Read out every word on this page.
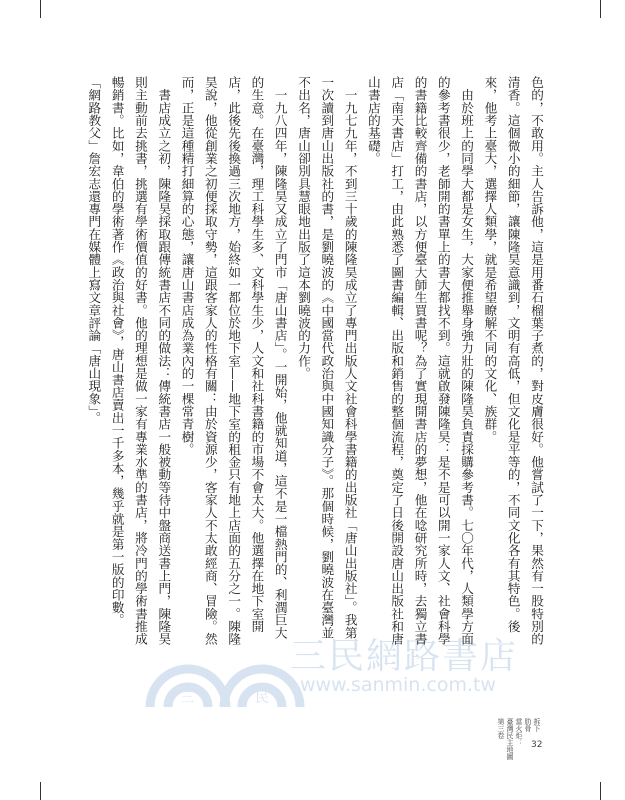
三	民
三民網路書店
www.sanmin.com.tw
色的，不敢用。主人告訴他，這是用番石榴葉子煮的，對皮膚很好。他嘗試了一下，果然有一股特別的
清香。這個微小的細節，讓陳隆昊意識到，文明有高低，但文化是平等的，不同文化各有其特色。後
來，他考上臺大，選擇人類學，就是希望瞭解不同的文化、族群。
　由於班上的同學大都是女生，大家便推舉身強力壯的陳隆昊負責採購參考書。七〇年代，人類學方面
的參考書很少，老師開的書單上的書大都找不到。這就啟發陳隆昊：是不是可以開一家人文、社會科學
的書籍比較齊備的書店，以方便臺大師生買書呢？為了實現開書店的夢想，他在唸研究所時，去獨立書
店「南天書店」打工，由此熟悉了圖書編輯、出版和銷售的整個流程，奠定了日後開設唐山出版社和唐
山書店的基礎。
　一九七九年，不到三十歲的陳隆昊成立了專門出版人文社會科學書籍的出版社「唐山出版社」。我第
一次讀到唐山出版社的書，是劉曉波的《中國當代政治與中國知識分子》。那個時候，劉曉波在臺灣並
不出名，唐山卻別具慧眼地出版了這本劉曉波的力作。
　一九八四年，陳隆昊又成立了門市「唐山書店」。一開始，他就知道，這不是一檔熱門的、利潤巨大
的生意。在臺灣，理工科學生多、文科學生少，人文和社科書籍的市場不會太大。他選擇在地下室開
店，此後先後換過三次地方，始終如一都位於地下室——地下室的租金只有地上店面的五分之一。陳隆
昊說，他從創業之初便採取守勢，這跟客家人的性格有關：由於資源少，客家人不太敢經商、冒險。然
而，正是這種精打細算的心態，讓唐山書店成為業內的一棵常青樹。
　書店成立之初，陳隆昊採取跟傳統書店不同的做法：傳統書店一般被動等待中盤商送書上門，陳隆昊
則主動前去挑書，挑選有學術價值的好書。他的理想是做一家有專業水準的書店，將冷門的學術書推成
暢銷書。比如，韋伯的學術著作《政治與社會》，唐山書店賣出一千多本，幾乎就是第一版的印數。
「網路教父」詹宏志還專門在媒體上寫文章評論「唐山現象」。
拆下
肋骨
當火炬：
臺灣民主地圖
第三卷
32
